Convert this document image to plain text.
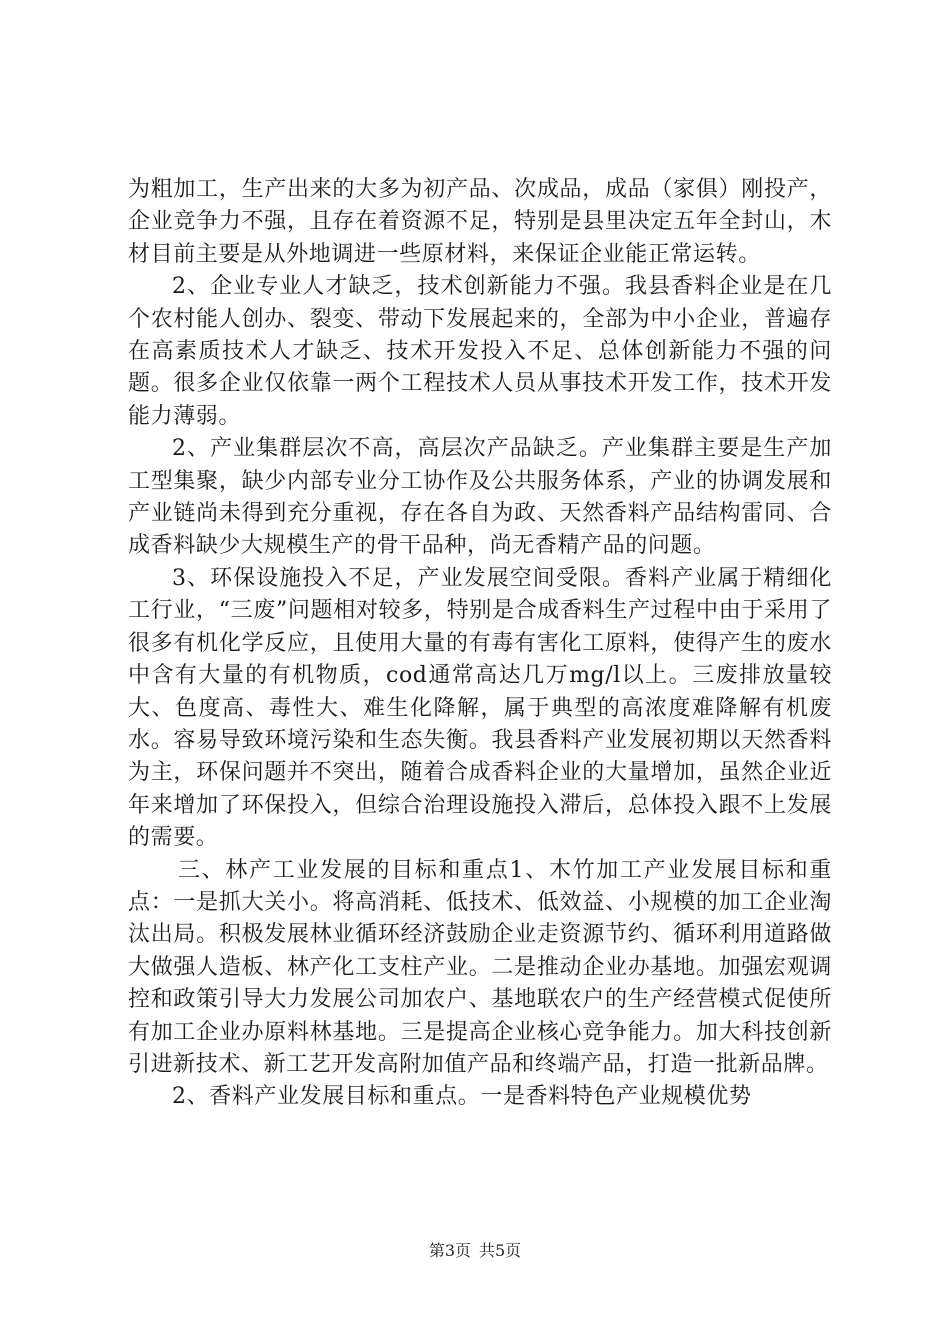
为粗加工，生产出来的大多为初产品、次成品，成品（家俱）刚投产，企业竞争力不强，且存在着资源不足，特别是县里决定五年全封山，木材目前主要是从外地调进一些原材料，来保证企业能正常运转。

2、企业专业人才缺乏，技术创新能力不强。我县香料企业是在几个农村能人创办、裂变、带动下发展起来的，全部为中小企业，普遍存在高素质技术人才缺乏、技术开发投入不足、总体创新能力不强的问题。很多企业仅依靠一两个工程技术人员从事技术开发工作，技术开发能力薄弱。

2、产业集群层次不高，高层次产品缺乏。产业集群主要是生产加工型集聚，缺少内部专业分工协作及公共服务体系，产业的协调发展和产业链尚未得到充分重视，存在各自为政、天然香料产品结构雷同、合成香料缺少大规模生产的骨干品种，尚无香精产品的问题。

3、环保设施投入不足，产业发展空间受限。香料产业属于精细化工行业，“三废”问题相对较多，特别是合成香料生产过程中由于采用了很多有机化学反应，且使用大量的有毒有害化工原料，使得产生的废水中含有大量的有机物质，cod通常高达几万mg/l以上。三废排放量较大、色度高、毒性大、难生化降解，属于典型的高浓度难降解有机废水。容易导致环境污染和生态失衡。我县香料产业发展初期以天然香料为主，环保问题并不突出，随着合成香料企业的大量增加，虽然企业近年来增加了环保投入，但综合治理设施投入滞后，总体投入跟不上发展的需要。

三、林产工业发展的目标和重点1、木竹加工产业发展目标和重点：一是抓大关小。将高消耗、低技术、低效益、小规模的加工企业淘汰出局。积极发展林业循环经济鼓励企业走资源节约、循环利用道路做大做强人造板、林产化工支柱产业。二是推动企业办基地。加强宏观调控和政策引导大力发展公司加农户、基地联农户的生产经营模式促使所有加工企业办原料林基地。三是提高企业核心竞争能力。加大科技创新引进新技术、新工艺开发高附加值产品和终端产品，打造一批新品牌。

2、香料产业发展目标和重点。一是香料特色产业规模优势

第3页 共5页
